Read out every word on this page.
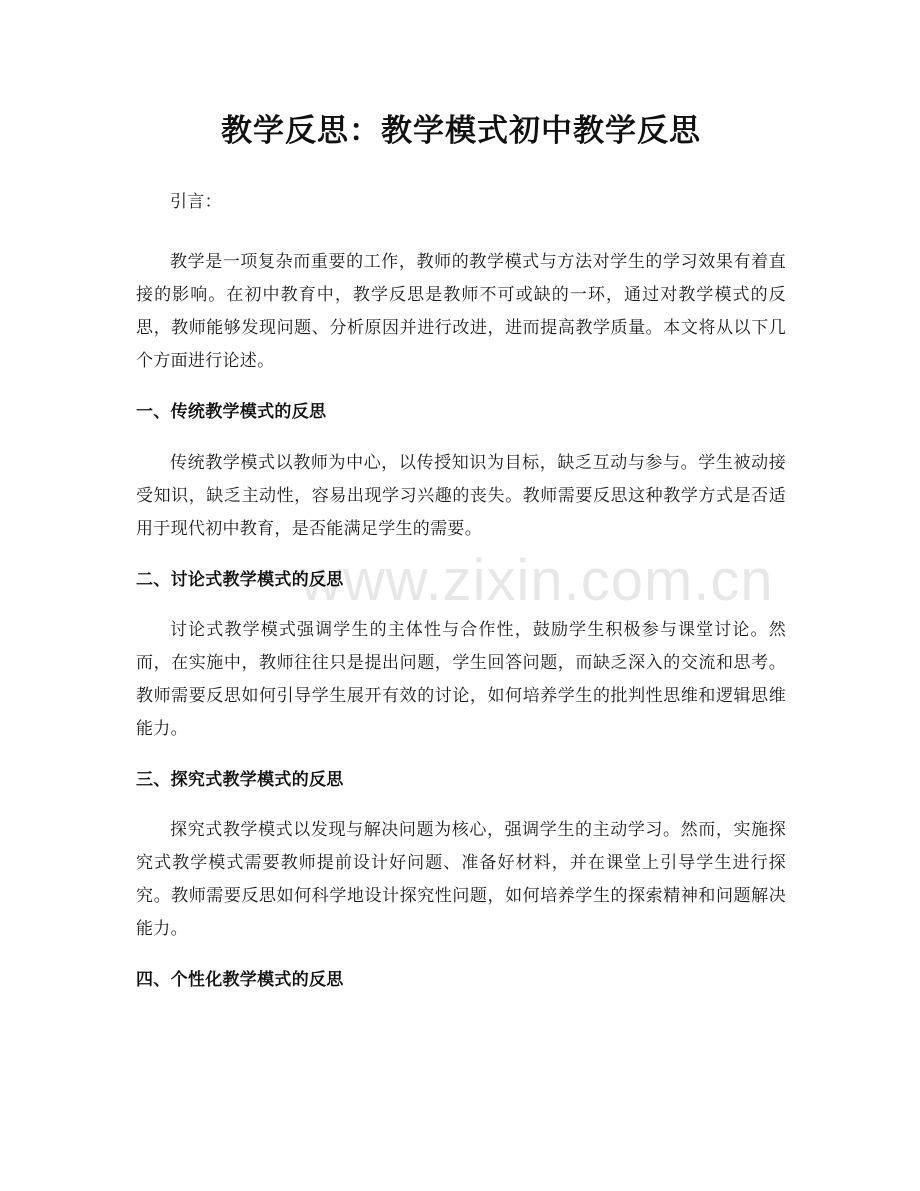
教学反思：教学模式初中教学反思

引言：

教学是一项复杂而重要的工作，教师的教学模式与方法对学生的学习效果有着直接的影响。在初中教育中，教学反思是教师不可或缺的一环，通过对教学模式的反思，教师能够发现问题、分析原因并进行改进，进而提高教学质量。本文将从以下几个方面进行论述。

一、传统教学模式的反思

传统教学模式以教师为中心，以传授知识为目标，缺乏互动与参与。学生被动接受知识，缺乏主动性，容易出现学习兴趣的丧失。教师需要反思这种教学方式是否适用于现代初中教育，是否能满足学生的需要。

二、讨论式教学模式的反思

讨论式教学模式强调学生的主体性与合作性，鼓励学生积极参与课堂讨论。然而，在实施中，教师往往只是提出问题，学生回答问题，而缺乏深入的交流和思考。教师需要反思如何引导学生展开有效的讨论，如何培养学生的批判性思维和逻辑思维能力。

三、探究式教学模式的反思

探究式教学模式以发现与解决问题为核心，强调学生的主动学习。然而，实施探究式教学模式需要教师提前设计好问题、准备好材料，并在课堂上引导学生进行探究。教师需要反思如何科学地设计探究性问题，如何培养学生的探索精神和问题解决能力。

四、个性化教学模式的反思
www.zixin.com.cn
